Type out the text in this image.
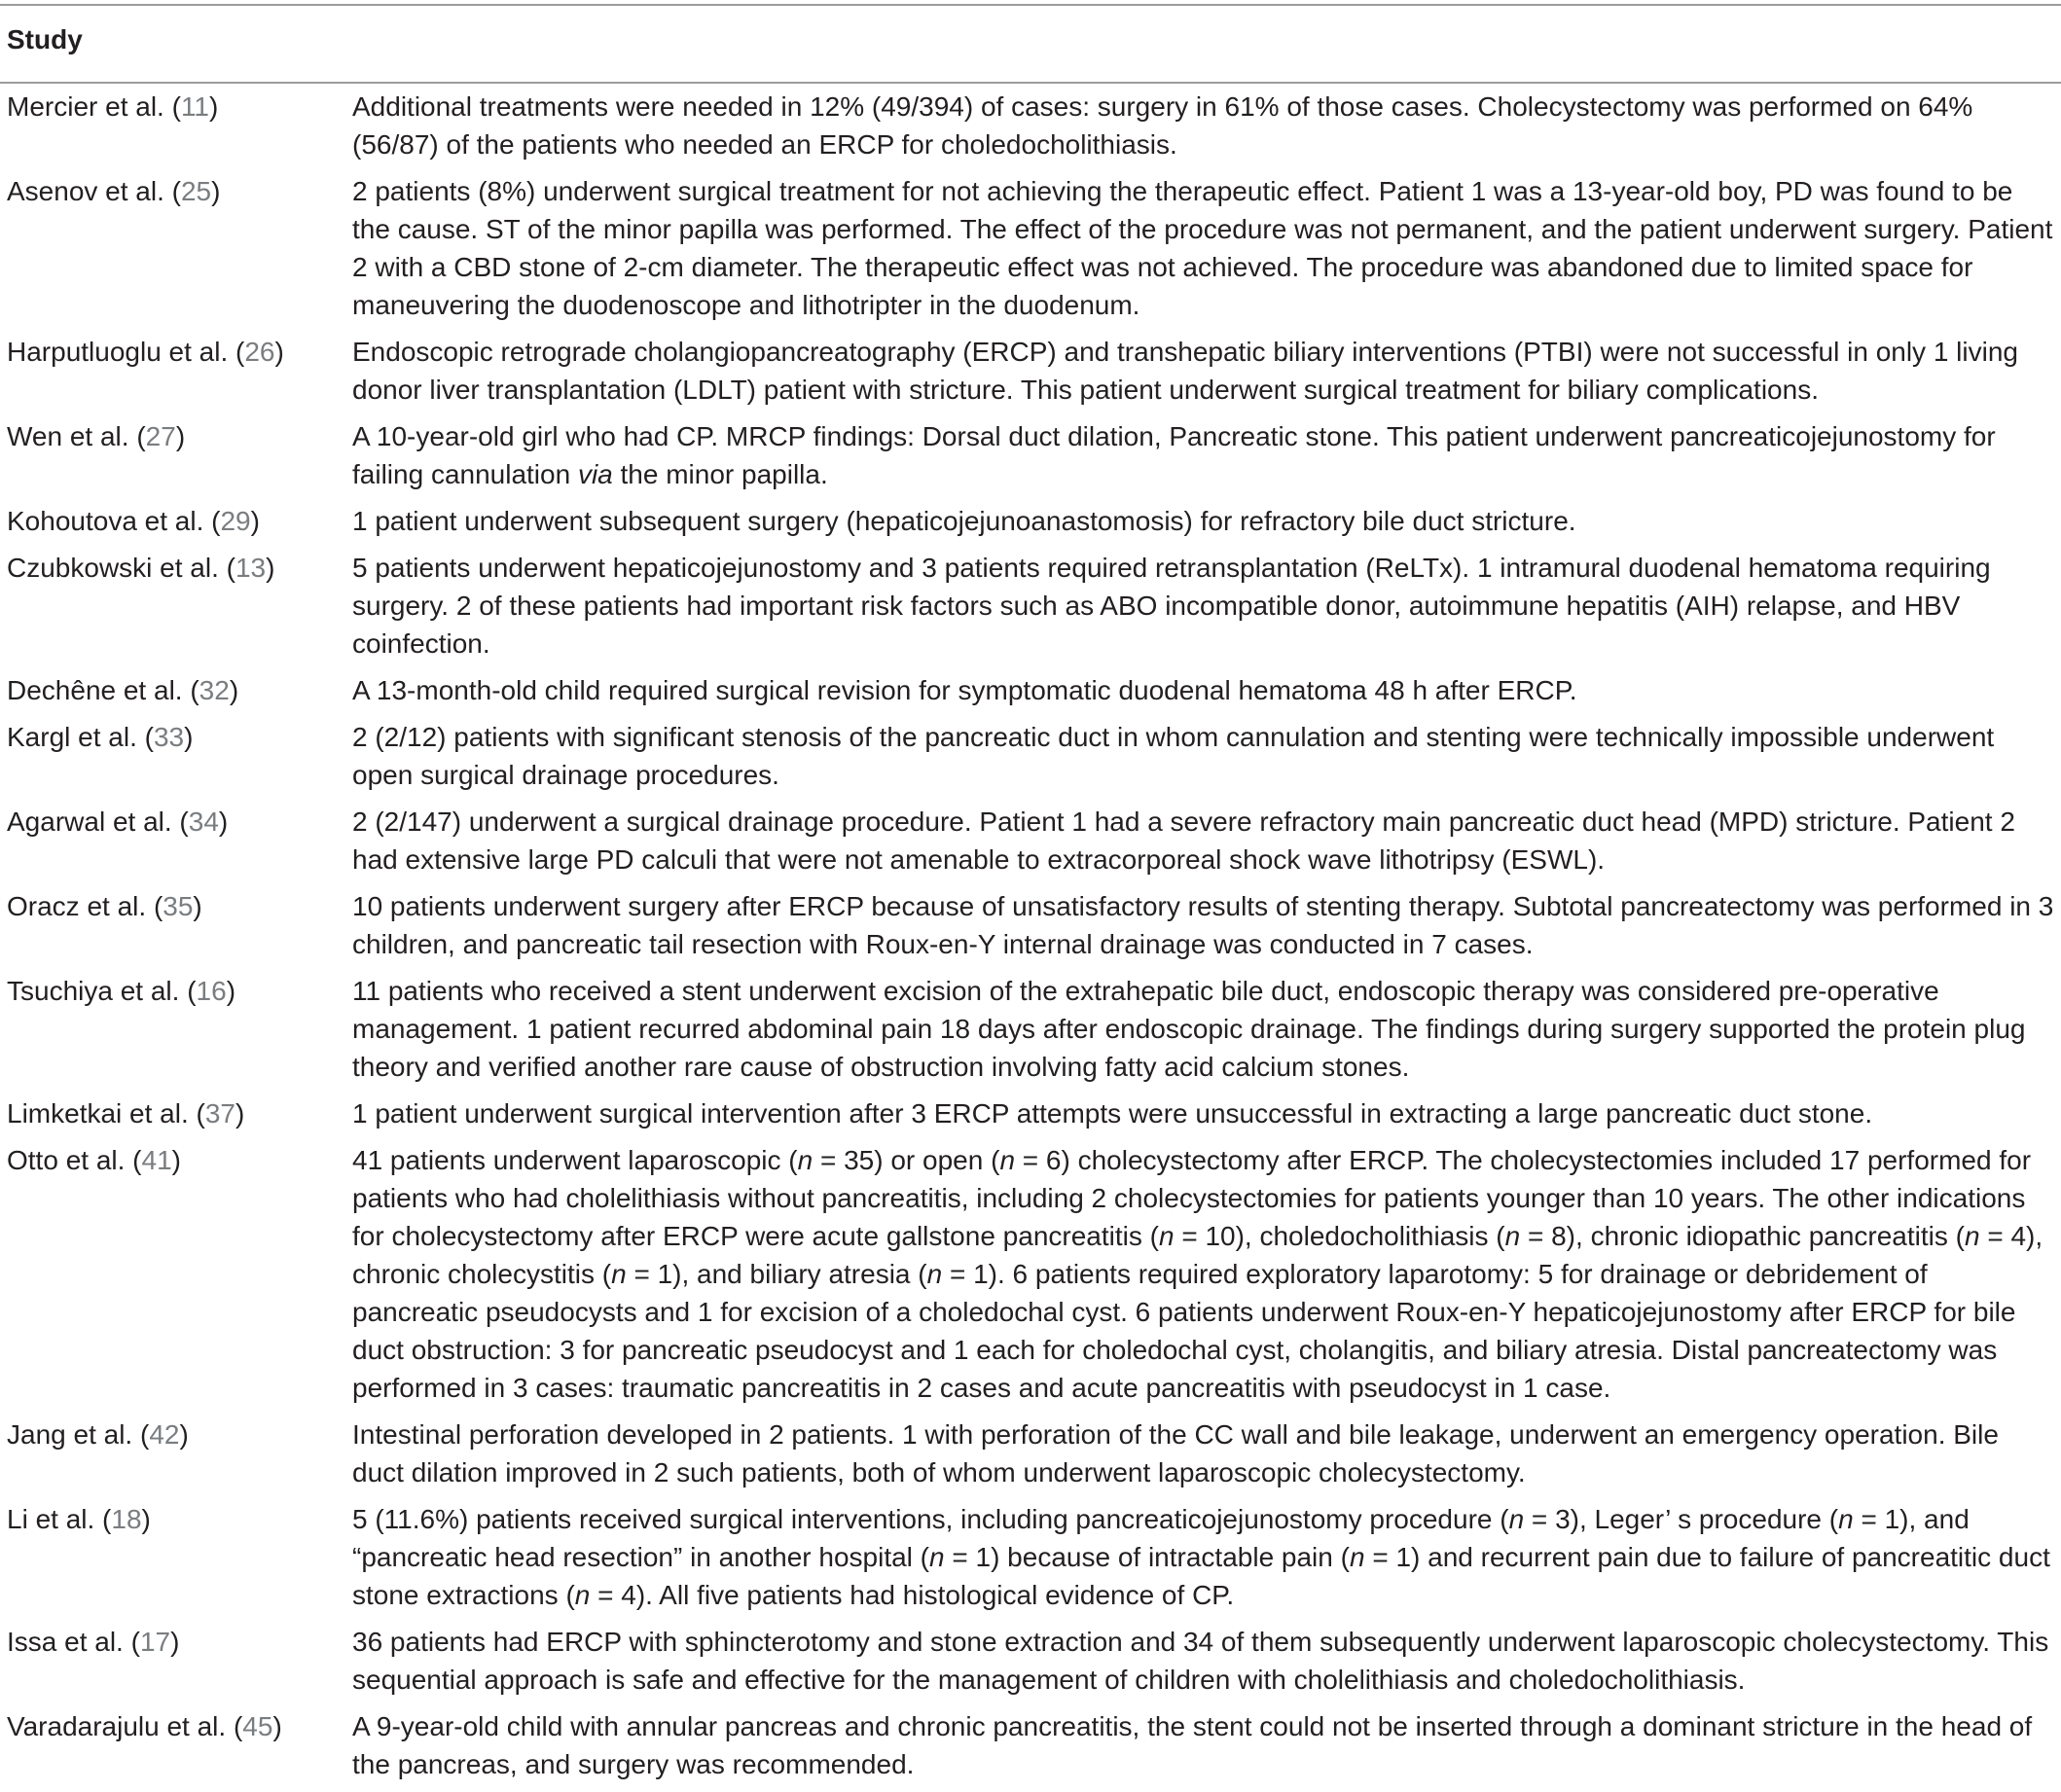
Study
Mercier et al. (11)	Additional treatments were needed in 12% (49/394) of cases: surgery in 61% of those cases. Cholecystectomy was performed on 64% (56/87) of the patients who needed an ERCP for choledocholithiasis.
Asenov et al. (25)	2 patients (8%) underwent surgical treatment for not achieving the therapeutic effect. Patient 1 was a 13-year-old boy, PD was found to be the cause. ST of the minor papilla was performed. The effect of the procedure was not permanent, and the patient underwent surgery. Patient 2 with a CBD stone of 2-cm diameter. The therapeutic effect was not achieved. The procedure was abandoned due to limited space for maneuvering the duodenoscope and lithotripter in the duodenum.
Harputluoglu et al. (26)	Endoscopic retrograde cholangiopancreatography (ERCP) and transhepatic biliary interventions (PTBI) were not successful in only 1 living donor liver transplantation (LDLT) patient with stricture. This patient underwent surgical treatment for biliary complications.
Wen et al. (27)	A 10-year-old girl who had CP. MRCP findings: Dorsal duct dilation, Pancreatic stone. This patient underwent pancreaticojejunostomy for failing cannulation via the minor papilla.
Kohoutova et al. (29)	1 patient underwent subsequent surgery (hepaticojejunoanastomosis) for refractory bile duct stricture.
Czubkowski et al. (13)	5 patients underwent hepaticojejunostomy and 3 patients required retransplantation (ReLTx). 1 intramural duodenal hematoma requiring surgery. 2 of these patients had important risk factors such as ABO incompatible donor, autoimmune hepatitis (AIH) relapse, and HBV coinfection.
Dechêne et al. (32)	A 13-month-old child required surgical revision for symptomatic duodenal hematoma 48 h after ERCP.
Kargl et al. (33)	2 (2/12) patients with significant stenosis of the pancreatic duct in whom cannulation and stenting were technically impossible underwent open surgical drainage procedures.
Agarwal et al. (34)	2 (2/147) underwent a surgical drainage procedure. Patient 1 had a severe refractory main pancreatic duct head (MPD) stricture. Patient 2 had extensive large PD calculi that were not amenable to extracorporeal shock wave lithotripsy (ESWL).
Oracz et al. (35)	10 patients underwent surgery after ERCP because of unsatisfactory results of stenting therapy. Subtotal pancreatectomy was performed in 3 children, and pancreatic tail resection with Roux-en-Y internal drainage was conducted in 7 cases.
Tsuchiya et al. (16)	11 patients who received a stent underwent excision of the extrahepatic bile duct, endoscopic therapy was considered pre-operative management. 1 patient recurred abdominal pain 18 days after endoscopic drainage. The findings during surgery supported the protein plug theory and verified another rare cause of obstruction involving fatty acid calcium stones.
Limketkai et al. (37)	1 patient underwent surgical intervention after 3 ERCP attempts were unsuccessful in extracting a large pancreatic duct stone.
Otto et al. (41)	41 patients underwent laparoscopic (n = 35) or open (n = 6) cholecystectomy after ERCP. The cholecystectomies included 17 performed for patients who had cholelithiasis without pancreatitis, including 2 cholecystectomies for patients younger than 10 years. The other indications for cholecystectomy after ERCP were acute gallstone pancreatitis (n = 10), choledocholithiasis (n = 8), chronic idiopathic pancreatitis (n = 4), chronic cholecystitis (n = 1), and biliary atresia (n = 1). 6 patients required exploratory laparotomy: 5 for drainage or debridement of pancreatic pseudocysts and 1 for excision of a choledochal cyst. 6 patients underwent Roux-en-Y hepaticojejunostomy after ERCP for bile duct obstruction: 3 for pancreatic pseudocyst and 1 each for choledochal cyst, cholangitis, and biliary atresia. Distal pancreatectomy was performed in 3 cases: traumatic pancreatitis in 2 cases and acute pancreatitis with pseudocyst in 1 case.
Jang et al. (42)	Intestinal perforation developed in 2 patients. 1 with perforation of the CC wall and bile leakage, underwent an emergency operation. Bile duct dilation improved in 2 such patients, both of whom underwent laparoscopic cholecystectomy.
Li et al. (18)	5 (11.6%) patients received surgical interventions, including pancreaticojejunostomy procedure (n = 3), Leger’ s procedure (n = 1), and “pancreatic head resection” in another hospital (n = 1) because of intractable pain (n = 1) and recurrent pain due to failure of pancreatitic duct stone extractions (n = 4). All five patients had histological evidence of CP.
Issa et al. (17)	36 patients had ERCP with sphincterotomy and stone extraction and 34 of them subsequently underwent laparoscopic cholecystectomy. This sequential approach is safe and effective for the management of children with cholelithiasis and choledocholithiasis.
Varadarajulu et al. (45)	A 9-year-old child with annular pancreas and chronic pancreatitis, the stent could not be inserted through a dominant stricture in the head of the pancreas, and surgery was recommended.
